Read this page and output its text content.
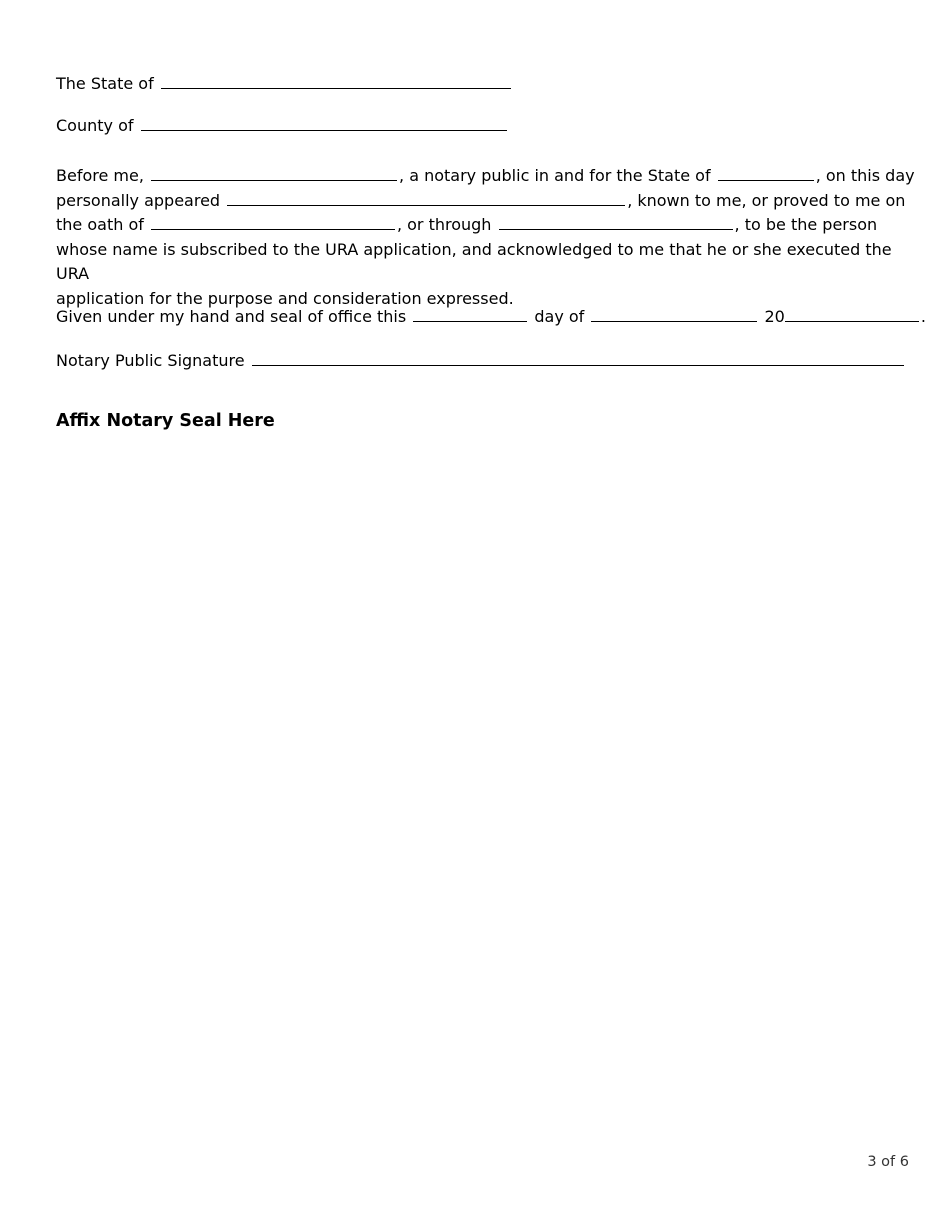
The State of
County of
Before me,	, a notary public in and for the State of	, on this day
personally appeared	, known to me, or proved to me on
the oath of	, or through	, to be the person
whose name is subscribed to the URA application, and acknowledged to me that he or she executed the URA
application for the purpose and consideration expressed.
Given under my hand and seal of office this	day of	20	.
Notary Public Signature
Affix Notary Seal Here
3 of 6
